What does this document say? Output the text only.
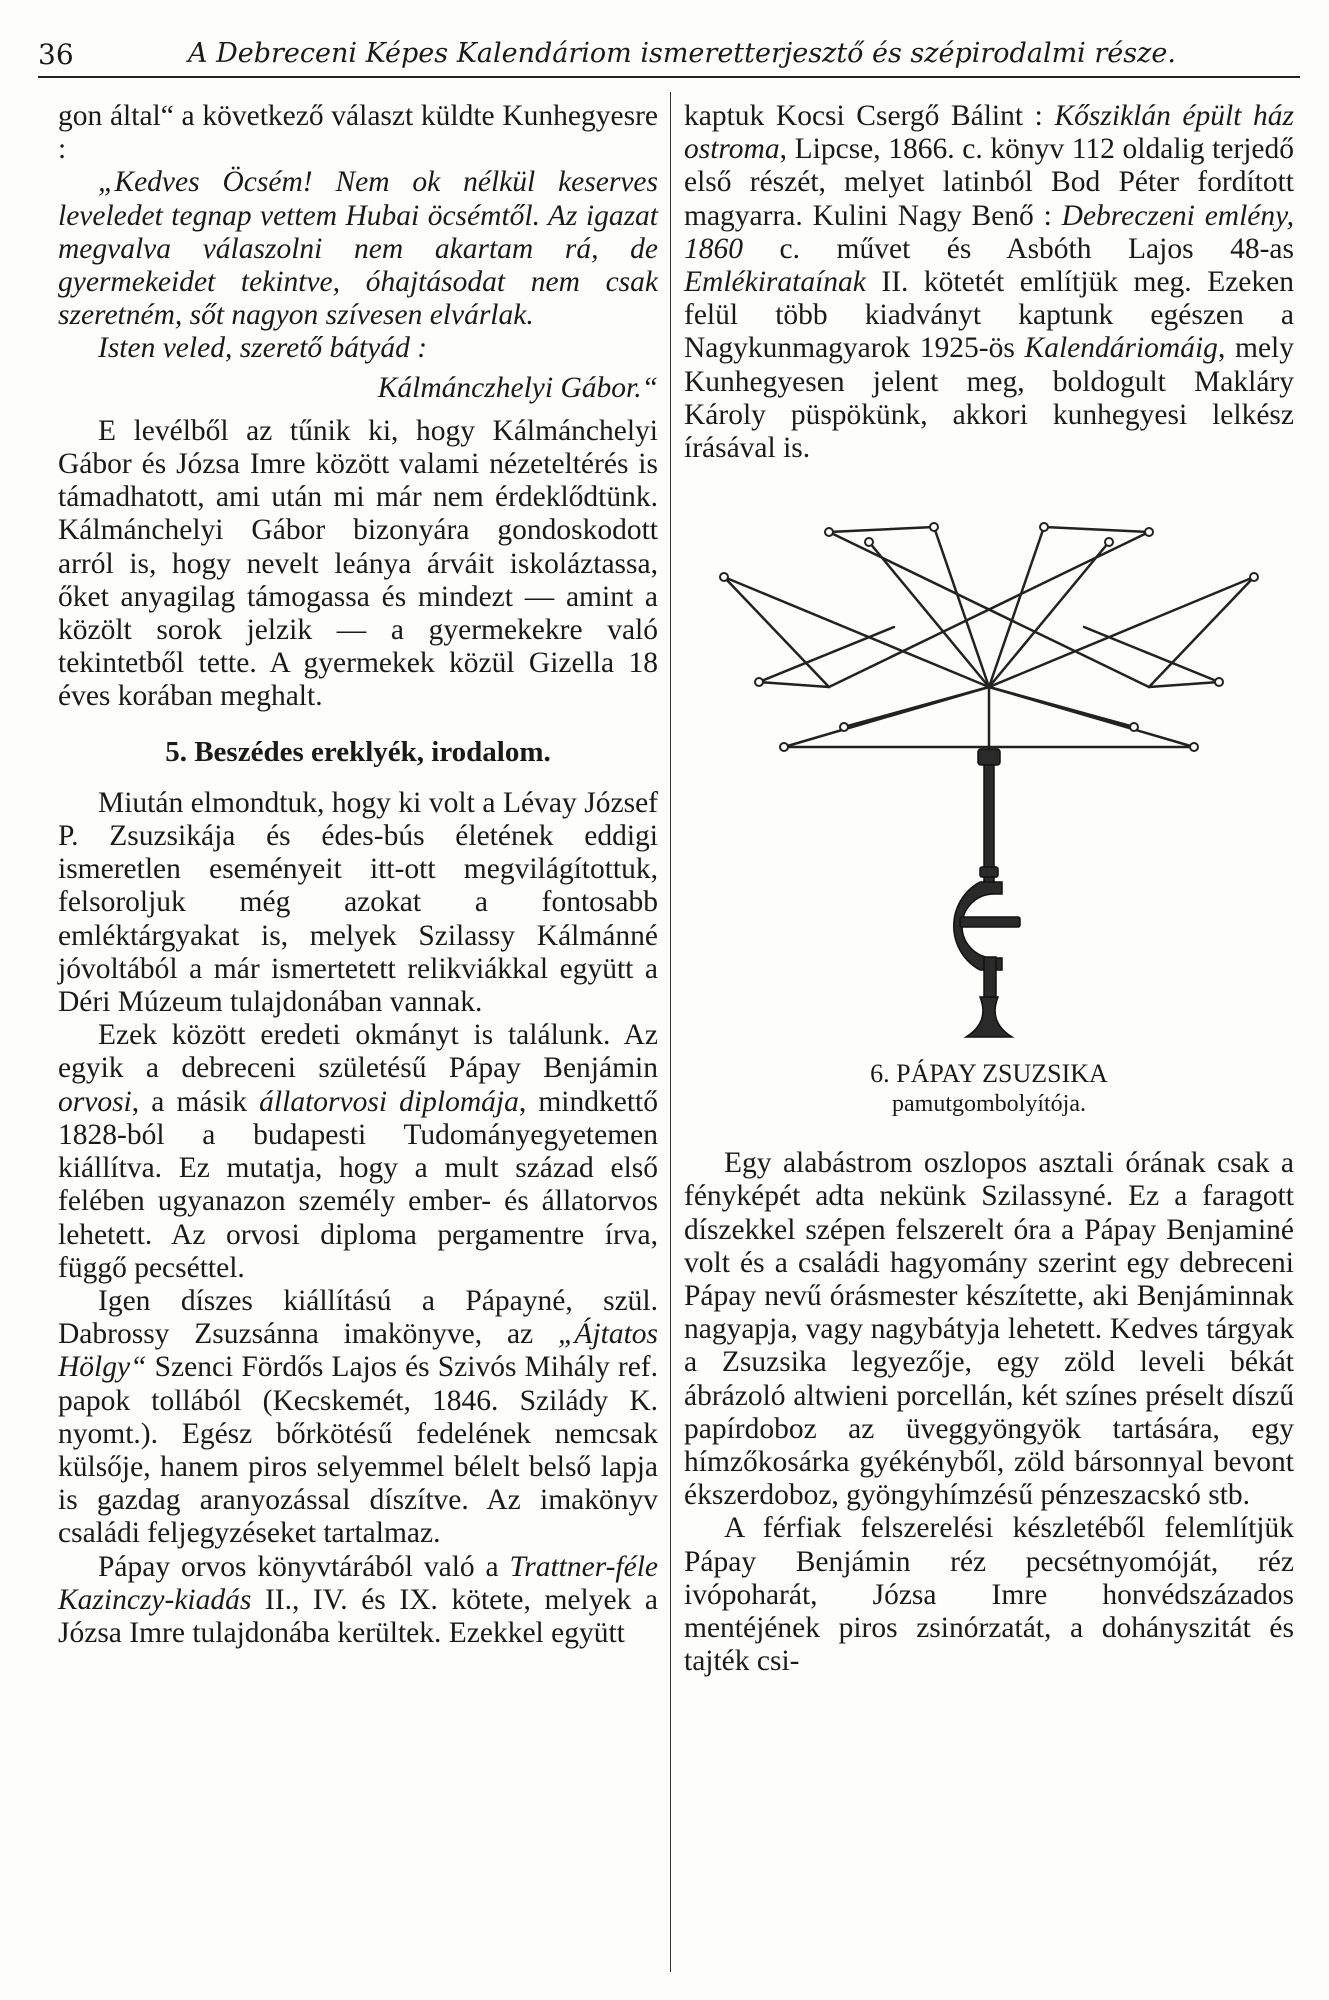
36	A Debreceni Képes Kalendáriom ismeretterjesztő és szépirodalmi része.

gon által“ a következő választ küldte Kunhegyesre :

„Kedves Öcsém! Nem ok nélkül keserves leveledet tegnap vettem Hubai öcsémtől. Az igazat megvalva válaszolni nem akartam rá, de gyermekeidet tekintve, óhajtásodat nem csak szeretném, sőt nagyon szívesen elvárlak.

Isten veled, szerető bátyád :

Kálmánczhelyi Gábor.“

E levélből az tűnik ki, hogy Kálmánchelyi Gábor és Józsa Imre között valami nézeteltérés is támadhatott, ami után mi már nem érdeklődtünk. Kálmánchelyi Gábor bizonyára gondoskodott arról is, hogy nevelt leánya árváit iskoláztassa, őket anyagilag támogassa és mindezt — amint a közölt sorok jelzik — a gyermekekre való tekintetből tette. A gyermekek közül Gizella 18 éves korában meghalt.

5. Beszédes ereklyék, irodalom.

Miután elmondtuk, hogy ki volt a Lévay József P. Zsuzsikája és édes-bús életének eddigi ismeretlen eseményeit itt-ott megvilágítottuk, felsoroljuk még azokat a fontosabb emléktárgyakat is, melyek Szilassy Kálmánné jóvoltából a már ismertetett relikviákkal együtt a Déri Múzeum tulajdonában vannak.

Ezek között eredeti okmányt is találunk. Az egyik a debreceni születésű Pápay Benjámin orvosi, a másik állatorvosi diplomája, mindkettő 1828-ból a budapesti Tudományegyetemen kiállítva. Ez mutatja, hogy a mult század első felében ugyanazon személy ember- és állatorvos lehetett. Az orvosi diploma pergamentre írva, függő pecséttel.

Igen díszes kiállítású a Pápayné, szül. Dabrossy Zsuzsánna imakönyve, az „Ájtatos Hölgy“ Szenci Fördős Lajos és Szivós Mihály ref. papok tollából (Kecskemét, 1846. Szilády K. nyomt.). Egész bőrkötésű fedelének nemcsak külsője, hanem piros selyemmel bélelt belső lapja is gazdag aranyozással díszítve. Az imakönyv családi feljegyzéseket tartalmaz.

Pápay orvos könyvtárából való a Trattner-féle Kazinczy-kiadás II., IV. és IX. kötete, melyek a Józsa Imre tulajdonába kerültek. Ezekkel együtt

kaptuk Kocsi Csergő Bálint : Kősziklán épült ház ostroma, Lipcse, 1866. c. könyv 112 oldalig terjedő első részét, melyet latinból Bod Péter fordított magyarra. Kulini Nagy Benő : Debreczeni emlény, 1860 c. művet és Asbóth Lajos 48-as Emlékirataínak II. kötetét említjük meg. Ezeken felül több kiadványt kaptunk egészen a Nagykunmagyarok 1925-ös Kalendáriomáig, mely Kunhegyesen jelent meg, boldogult Makláry Károly püspökünk, akkori kunhegyesi lelkész írásával is.

6. PÁPAY ZSUZSIKA
pamutgombolyítója.

Egy alabástrom oszlopos asztali órának csak a fényképét adta nekünk Szilassyné. Ez a faragott díszekkel szépen felszerelt óra a Pápay Benjaminé volt és a családi hagyomány szerint egy debreceni Pápay nevű órásmester készítette, aki Benjáminnak nagyapja, vagy nagybátyja lehetett. Kedves tárgyak a Zsuzsika legyezője, egy zöld leveli békát ábrázoló altwieni porcellán, két színes préselt díszű papírdoboz az üveggyöngyök tartására, egy hímzőkosárka gyékényből, zöld bársonnyal bevont ékszerdoboz, gyöngyhímzésű pénzeszacskó stb.

A férfiak felszerelési készletéből felemlítjük Pápay Benjámin réz pecsétnyomóját, réz ivópoharát, Józsa Imre honvédszázados mentéjének piros zsinórzatát, a dohányszitát és tajték csi-
